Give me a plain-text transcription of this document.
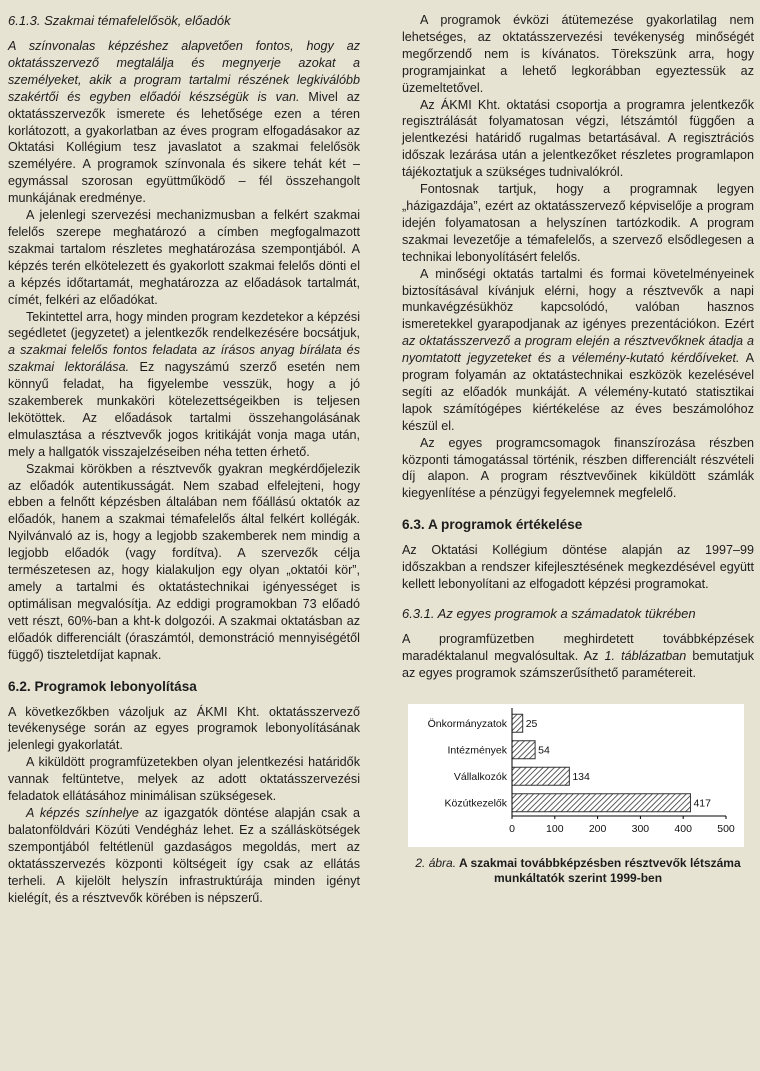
6.1.3. Szakmai témafelelősök, előadók

A színvonalas képzéshez alapvetően fontos, hogy az oktatásszervező megtalálja és megnyerje azokat a személyeket, akik a program tartalmi részének legkiválóbb szakértői és egyben előadói készségük is van. Mivel az oktatásszervezők ismerete és lehetősége ezen a téren korlátozott, a gyakorlatban az éves program elfogadásakor az Oktatási Kollégium tesz javaslatot a szakmai felelősök személyére. A programok színvonala és sikere tehát két – egymással szorosan együttműködő – fél összehangolt munkájának eredménye.

A jelenlegi szervezési mechanizmusban a felkért szakmai felelős szerepe meghatározó a címben megfogalmazott szakmai tartalom részletes meghatározása szempontjából. A képzés terén elkötelezett és gyakorlott szakmai felelős dönti el a képzés időtartamát, meghatározza az előadások tartalmát, címét, felkéri az előadókat.

Tekintettel arra, hogy minden program kezdetekor a képzési segédletet (jegyzetet) a jelentkezők rendelkezésére bocsátjuk, a szakmai felelős fontos feladata az írásos anyag bírálata és szakmai lektorálása. Ez nagyszámú szerző esetén nem könnyű feladat, ha figyelembe vesszük, hogy a jó szakemberek munkaköri kötelezettségeikben is teljesen lekötöttek. Az előadások tartalmi összehangolásának elmulasztása a résztvevők jogos kritikáját vonja maga után, mely a hallgatók visszajelzéseiben néha tetten érhető.

Szakmai körökben a résztvevők gyakran megkérdőjelezik az előadók autentikusságát. Nem szabad elfelejteni, hogy ebben a felnőtt képzésben általában nem főállású oktatók az előadók, hanem a szakmai témafelelős által felkért kollégák. Nyilvánvaló az is, hogy a legjobb szakemberek nem mindig a legjobb előadók (vagy fordítva). A szervezők célja természetesen az, hogy kialakuljon egy olyan „oktatói kör”, amely a tartalmi és oktatástechnikai igényességet is optimálisan megvalósítja. Az eddigi programokban 73 előadó vett részt, 60%-ban a kht-k dolgozói. A szakmai oktatásban az előadók differenciált (óraszámtól, demonstráció mennyiségétől függő) tiszteletdíjat kapnak.

6.2. Programok lebonyolítása

A következőkben vázoljuk az ÁKMI Kht. oktatásszervező tevékenysége során az egyes programok lebonyolításának jelenlegi gyakorlatát.

A kiküldött programfüzetekben olyan jelentkezési határidők vannak feltüntetve, melyek az adott oktatásszervezési feladatok ellátásához minimálisan szükségesek.

A képzés színhelye az igazgatók döntése alapján csak a balatonföldvári Közúti Vendégház lehet. Ez a szálláskötségek szempontjából feltétlenül gazdaságos megoldás, mert az oktatásszervezés központi költségeit így csak az ellátás terheli. A kijelölt helyszín infrastruktúrája minden igényt kielégít, és a résztvevők körében is népszerű.

A programok évközi átütemezése gyakorlatilag nem lehetséges, az oktatásszervezési tevékenység minőségét megőrzendő nem is kívánatos. Törekszünk arra, hogy programjainkat a lehető legkorábban egyeztessük az üzemeltetővel.

Az ÁKMI Kht. oktatási csoportja a programra jelentkezők regisztrálását folyamatosan végzi, létszámtól függően a jelentkezési határidő rugalmas betartásával. A regisztrációs időszak lezárása után a jelentkezőket részletes programlapon tájékoztatjuk a szükséges tudnivalókról.

Fontosnak tartjuk, hogy a programnak legyen „házigazdája”, ezért az oktatásszervező képviselője a program idején folyamatosan a helyszínen tartózkodik. A program szakmai levezetője a témafelelős, a szervező elsődlegesen a technikai lebonyolításért felelős.

A minőségi oktatás tartalmi és formai követelményeinek biztosításával kívánjuk elérni, hogy a résztvevők a napi munkavégzésükhöz kapcsolódó, valóban hasznos ismeretekkel gyarapodjanak az igényes prezentációkon. Ezért az oktatásszervező a program elején a résztvevőknek átadja a nyomtatott jegyzeteket és a vélemény-kutató kérdőíveket. A program folyamán az oktatástechnikai eszközök kezelésével segíti az előadók munkáját. A vélemény-kutató statisztikai lapok számítógépes kiértékelése az éves beszámolóhoz készül el.

Az egyes programcsomagok finanszírozása részben központi támogatással történik, részben differenciált részvételi díj alapon. A program résztvevőinek kiküldött számlák kiegyenlítése a pénzügyi fegyelemnek megfelelő.

6.3. A programok értékelése

Az Oktatási Kollégium döntése alapján az 1997–99 időszakban a rendszer kifejlesztésének megkezdésével együtt kellett lebonyolítani az elfogadott képzési programokat.

6.3.1. Az egyes programok a számadatok tükrében

A programfüzetben meghirdetett továbbképzések maradéktalanul megvalósultak. Az 1. táblázatban bemutatjuk az egyes programok számszerűsíthető paramétereit.

Önkormányzatok 25
Intézmények	54
Vállalkozók	134
Közútkezelők	417
0	100 200 300 400 500
2. ábra. A szakmai továbbképzésben résztvevők létszáma munkáltatók szerint 1999-ben
